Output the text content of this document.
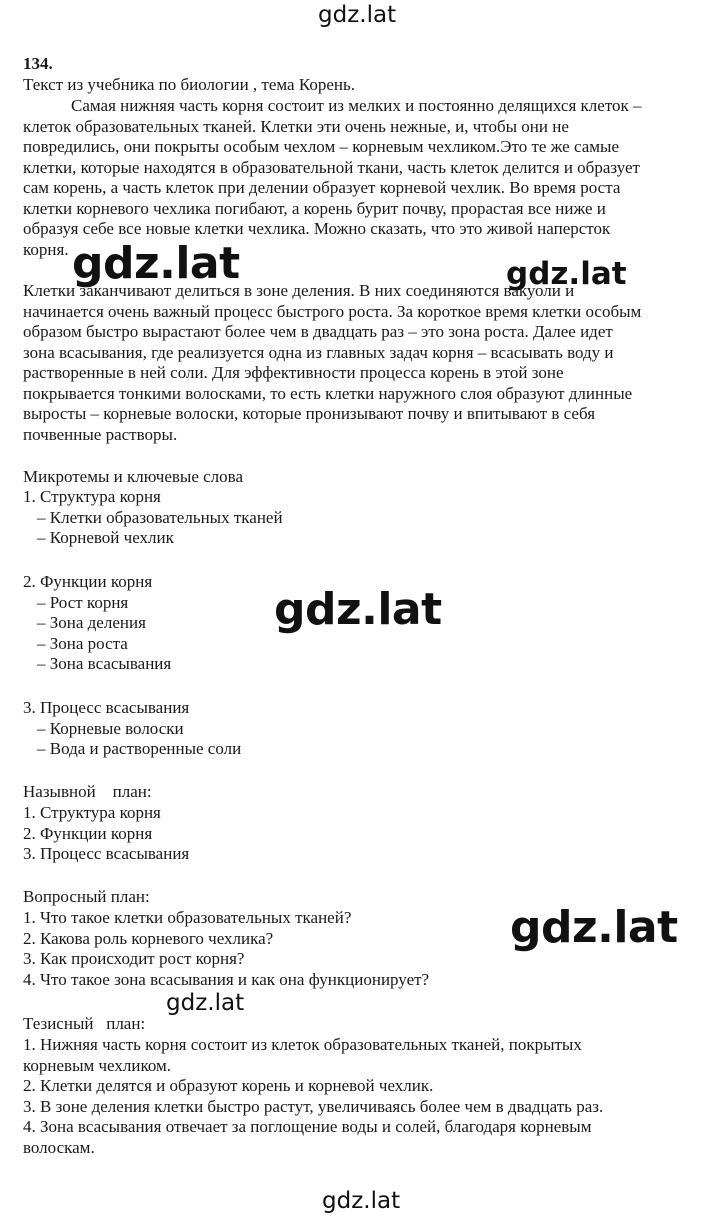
gdz.lat
gdz.lat	gdz.lat
gdz.lat
gdz.lat
gdz.lat
gdz.lat
134.
Текст из учебника по биологии , тема Корень.
Самая нижняя часть корня состоит из мелких и постоянно делящихся клеток –
клеток образовательных тканей. Клетки эти очень нежные, и, чтобы они не
повредились, они покрыты особым чехлом – корневым чехликом.Это те же самые
клетки, которые находятся в образовательной ткани, часть клеток делится и образует
сам корень, а часть клеток при делении образует корневой чехлик. Во время роста
клетки корневого чехлика погибают, а корень бурит почву, прорастая все ниже и
образуя себе все новые клетки чехлика. Можно сказать, что это живой наперсток
корня.
Клетки заканчивают делиться в зоне деления. В них соединяются вакуоли и
начинается очень важный процесс быстрого роста. За короткое время клетки особым
образом быстро вырастают более чем в двадцать раз – это зона роста. Далее идет
зона всасывания, где реализуется одна из главных задач корня – всасывать воду и
растворенные в ней соли. Для эффективности процесса корень в этой зоне
покрывается тонкими волосками, то есть клетки наружного слоя образуют длинные
выросты – корневые волоски, которые пронизывают почву и впитывают в себя
почвенные растворы.
Микротемы и ключевые слова
1. Структура корня
– Клетки образовательных тканей
– Корневой чехлик
2. Функции корня
– Рост корня
– Зона деления
– Зона роста
– Зона всасывания
3. Процесс всасывания
– Корневые волоски
– Вода и растворенные соли
Назывной    план:
1. Структура корня
2. Функции корня
3. Процесс всасывания
Вопросный план:
1. Что такое клетки образовательных тканей?
2. Какова роль корневого чехлика?
3. Как происходит рост корня?
4. Что такое зона всасывания и как она функционирует?
Тезисный   план:
1. Нижняя часть корня состоит из клеток образовательных тканей, покрытых
корневым чехликом.
2. Клетки делятся и образуют корень и корневой чехлик.
3. В зоне деления клетки быстро растут, увеличиваясь более чем в двадцать раз.
4. Зона всасывания отвечает за поглощение воды и солей, благодаря корневым
волоскам.
